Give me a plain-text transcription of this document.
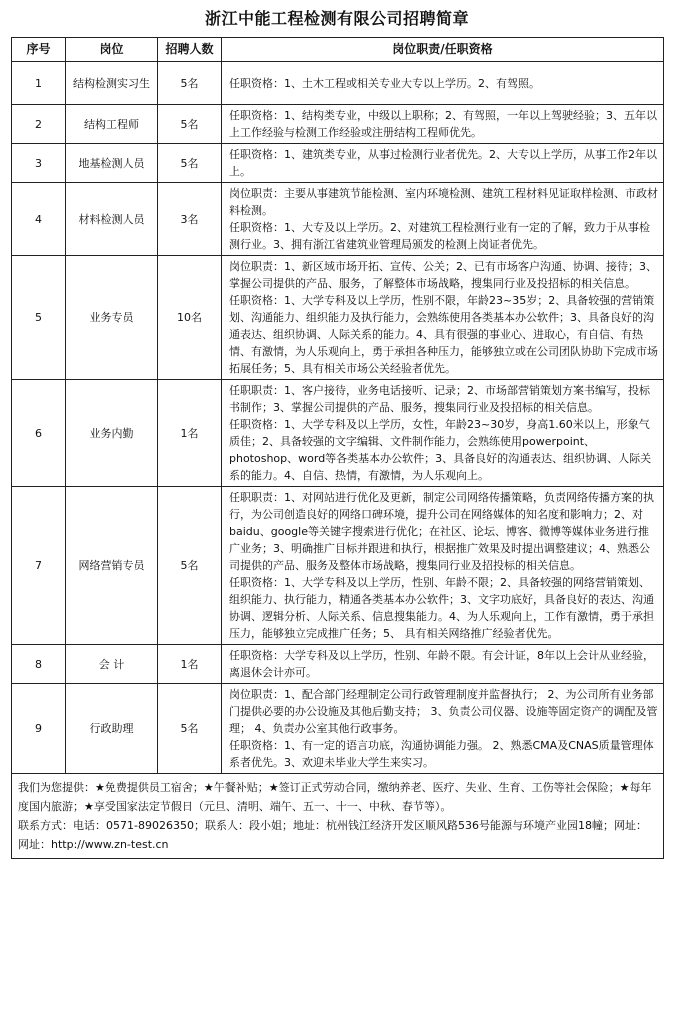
浙江中能工程检测有限公司招聘简章
序号	岗位	招聘人数	岗位职责/任职资格
1	结构检测实习生	5名	任职资格：1、土木工程或相关专业大专以上学历。2、有驾照。

2	结构工程师	5名	任职资格：1、结构类专业，中级以上职称；2、有驾照，一年以上驾驶经验；3、五年以上工作经验与检测工作经验或注册结构工程师优先。

3	地基检测人员	5名	任职资格：1、建筑类专业，从事过检测行业者优先。2、大专以上学历，从事工作2年以上。

4	材料检测人员	3名	岗位职责：主要从事建筑节能检测、室内环境检测、建筑工程材料见证取样检测、市政材料检测。

任职资格：1、大专及以上学历。2、对建筑工程检测行业有一定的了解，致力于从事检测行业。3、拥有浙江省建筑业管理局颁发的检测上岗证者优先。

5	业务专员	10名	岗位职责：1、新区域市场开拓、宣传、公关；2、已有市场客户沟通、协调、接待；3、掌握公司提供的产品、服务，了解整体市场战略，搜集同行业及投招标的相关信息。

任职资格：1、大学专科及以上学历，性别不限，年龄23~35岁；2、具备较强的营销策划、沟通能力、组织能力及执行能力，会熟练使用各类基本办公软件；3、具备良好的沟通表达、组织协调、人际关系的能力。4、具有很强的事业心、进取心，有自信、有热情、有激情，为人乐观向上，勇于承担各种压力，能够独立或在公司团队协助下完成市场拓展任务；5、具有相关市场公关经验者优先。

6	业务内勤	1名	任职职责：1、客户接待，业务电话接听、记录；2、市场部营销策划方案书编写，投标书制作；3、掌握公司提供的产品、服务，搜集同行业及投招标的相关信息。

任职资格：1、大学专科及以上学历，女性，年龄23~30岁，身高1.60米以上，形象气质佳；2、具备较强的文字编辑、文件制作能力，会熟练使用powerpoint、photoshop、word等各类基本办公软件；3、具备良好的沟通表达、组织协调、人际关系的能力。4、自信、热情，有激情，为人乐观向上。

7	网络营销专员	5名	任职职责：1、对网站进行优化及更新，制定公司网络传播策略，负责网络传播方案的执行，为公司创造良好的网络口碑环境，提升公司在网络媒体的知名度和影响力；2、对baidu、google等关键字搜索进行优化；在社区、论坛、博客、微博等媒体业务进行推广业务；3、明确推广目标并跟进和执行，根据推广效果及时提出调整建议；4、熟悉公司提供的产品、服务及整体市场战略，搜集同行业及招投标的相关信息。

任职资格：1、大学专科及以上学历，性别、年龄不限；2、具备较强的网络营销策划、组织能力、执行能力，精通各类基本办公软件；3、文字功底好，具备良好的表达、沟通协调、逻辑分析、人际关系、信息搜集能力。4、为人乐观向上，工作有激情，勇于承担压力，能够独立完成推广任务；5、 具有相关网络推广经验者优先。

8	会 计	1名	任职资格：大学专科及以上学历，性别、年龄不限。有会计证，8年以上会计从业经验，离退休会计亦可。

9	行政助理	5名	岗位职责：1、配合部门经理制定公司行政管理制度并监督执行； 2、为公司所有业务部门提供必要的办公设施及其他后勤支持； 3、负责公司仪器、设施等固定资产的调配及管理； 4、负责办公室其他行政事务。

任职资格：1、有一定的语言功底，沟通协调能力强。 2、熟悉CMA及CNAS质量管理体系者优先。3、欢迎未毕业大学生来实习。

我们为您提供：★免费提供员工宿舍；★午餐补贴；★签订正式劳动合同，缴纳养老、医疗、失业、生育、工伤等社会保险；★每年度国内旅游；★享受国家法定节假日（元旦、清明、端午、五一、十一、中秋、春节等）。

联系方式：电话：0571-89026350；联系人：段小姐；地址：杭州钱江经济开发区顺风路536号能源与环境产业园18幢；网址：网址：http://www.zn-test.cn			
